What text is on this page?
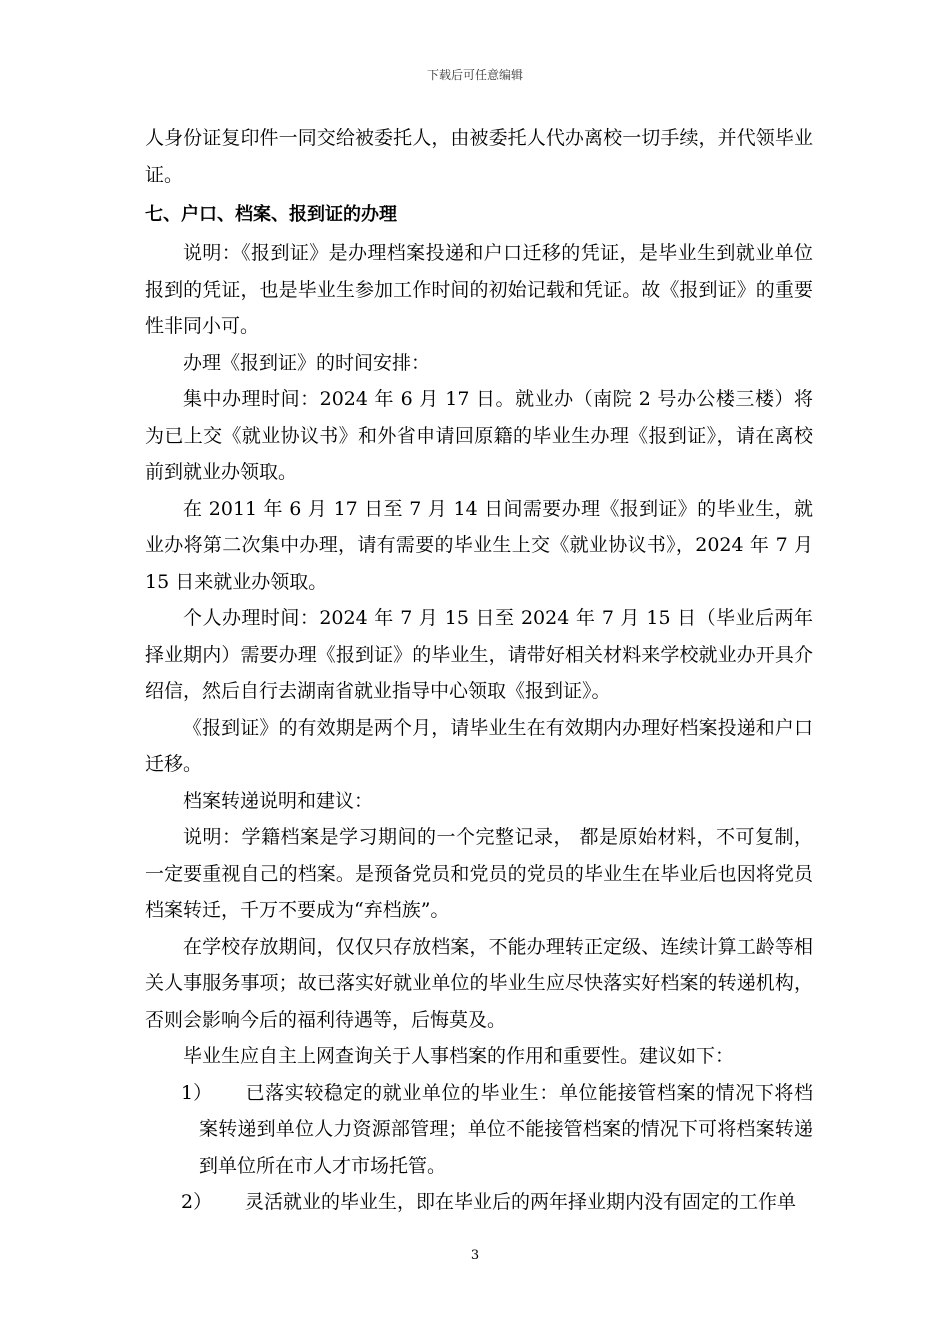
下载后可任意编辑

人身份证复印件一同交给被委托人，由被委托人代办离校一切手续，并代领毕业证。

七、户口、档案、报到证的办理

说明：《报到证》是办理档案投递和户口迁移的凭证，是毕业生到就业单位报到的凭证，也是毕业生参加工作时间的初始记载和凭证。故《报到证》的重要性非同小可。

办理《报到证》的时间安排：

集中办理时间：2024 年 6 月 17 日。就业办（南院 2 号办公楼三楼）将为已上交《就业协议书》和外省申请回原籍的毕业生办理《报到证》，请在离校前到就业办领取。

在 2011 年 6 月 17 日至 7 月 14 日间需要办理《报到证》的毕业生，就业办将第二次集中办理，请有需要的毕业生上交《就业协议书》，2024 年 7 月 15 日来就业办领取。

个人办理时间：2024 年 7 月 15 日至 2024 年 7 月 15 日（毕业后两年择业期内）需要办理《报到证》的毕业生，请带好相关材料来学校就业办开具介绍信，然后自行去湖南省就业指导中心领取《报到证》。

《报到证》的有效期是两个月，请毕业生在有效期内办理好档案投递和户口迁移。

档案转递说明和建议：

说明：学籍档案是学习期间的一个完整记录， 都是原始材料，不可复制，一定要重视自己的档案。是预备党员和党员的党员的毕业生在毕业后也因将党员档案转迁，千万不要成为“弃档族”。

在学校存放期间，仅仅只存放档案，不能办理转正定级、连续计算工龄等相关人事服务事项；故已落实好就业单位的毕业生应尽快落实好档案的转递机构，否则会影响今后的福利待遇等，后悔莫及。

毕业生应自主上网查询关于人事档案的作用和重要性。建议如下：

1）	已落实较稳定的就业单位的毕业生：单位能接管档案的情况下将档案转递到单位人力资源部管理；单位不能接管档案的情况下可将档案转递到单位所在市人才市场托管。

2）	灵活就业的毕业生，即在毕业后的两年择业期内没有固定的工作单

3
